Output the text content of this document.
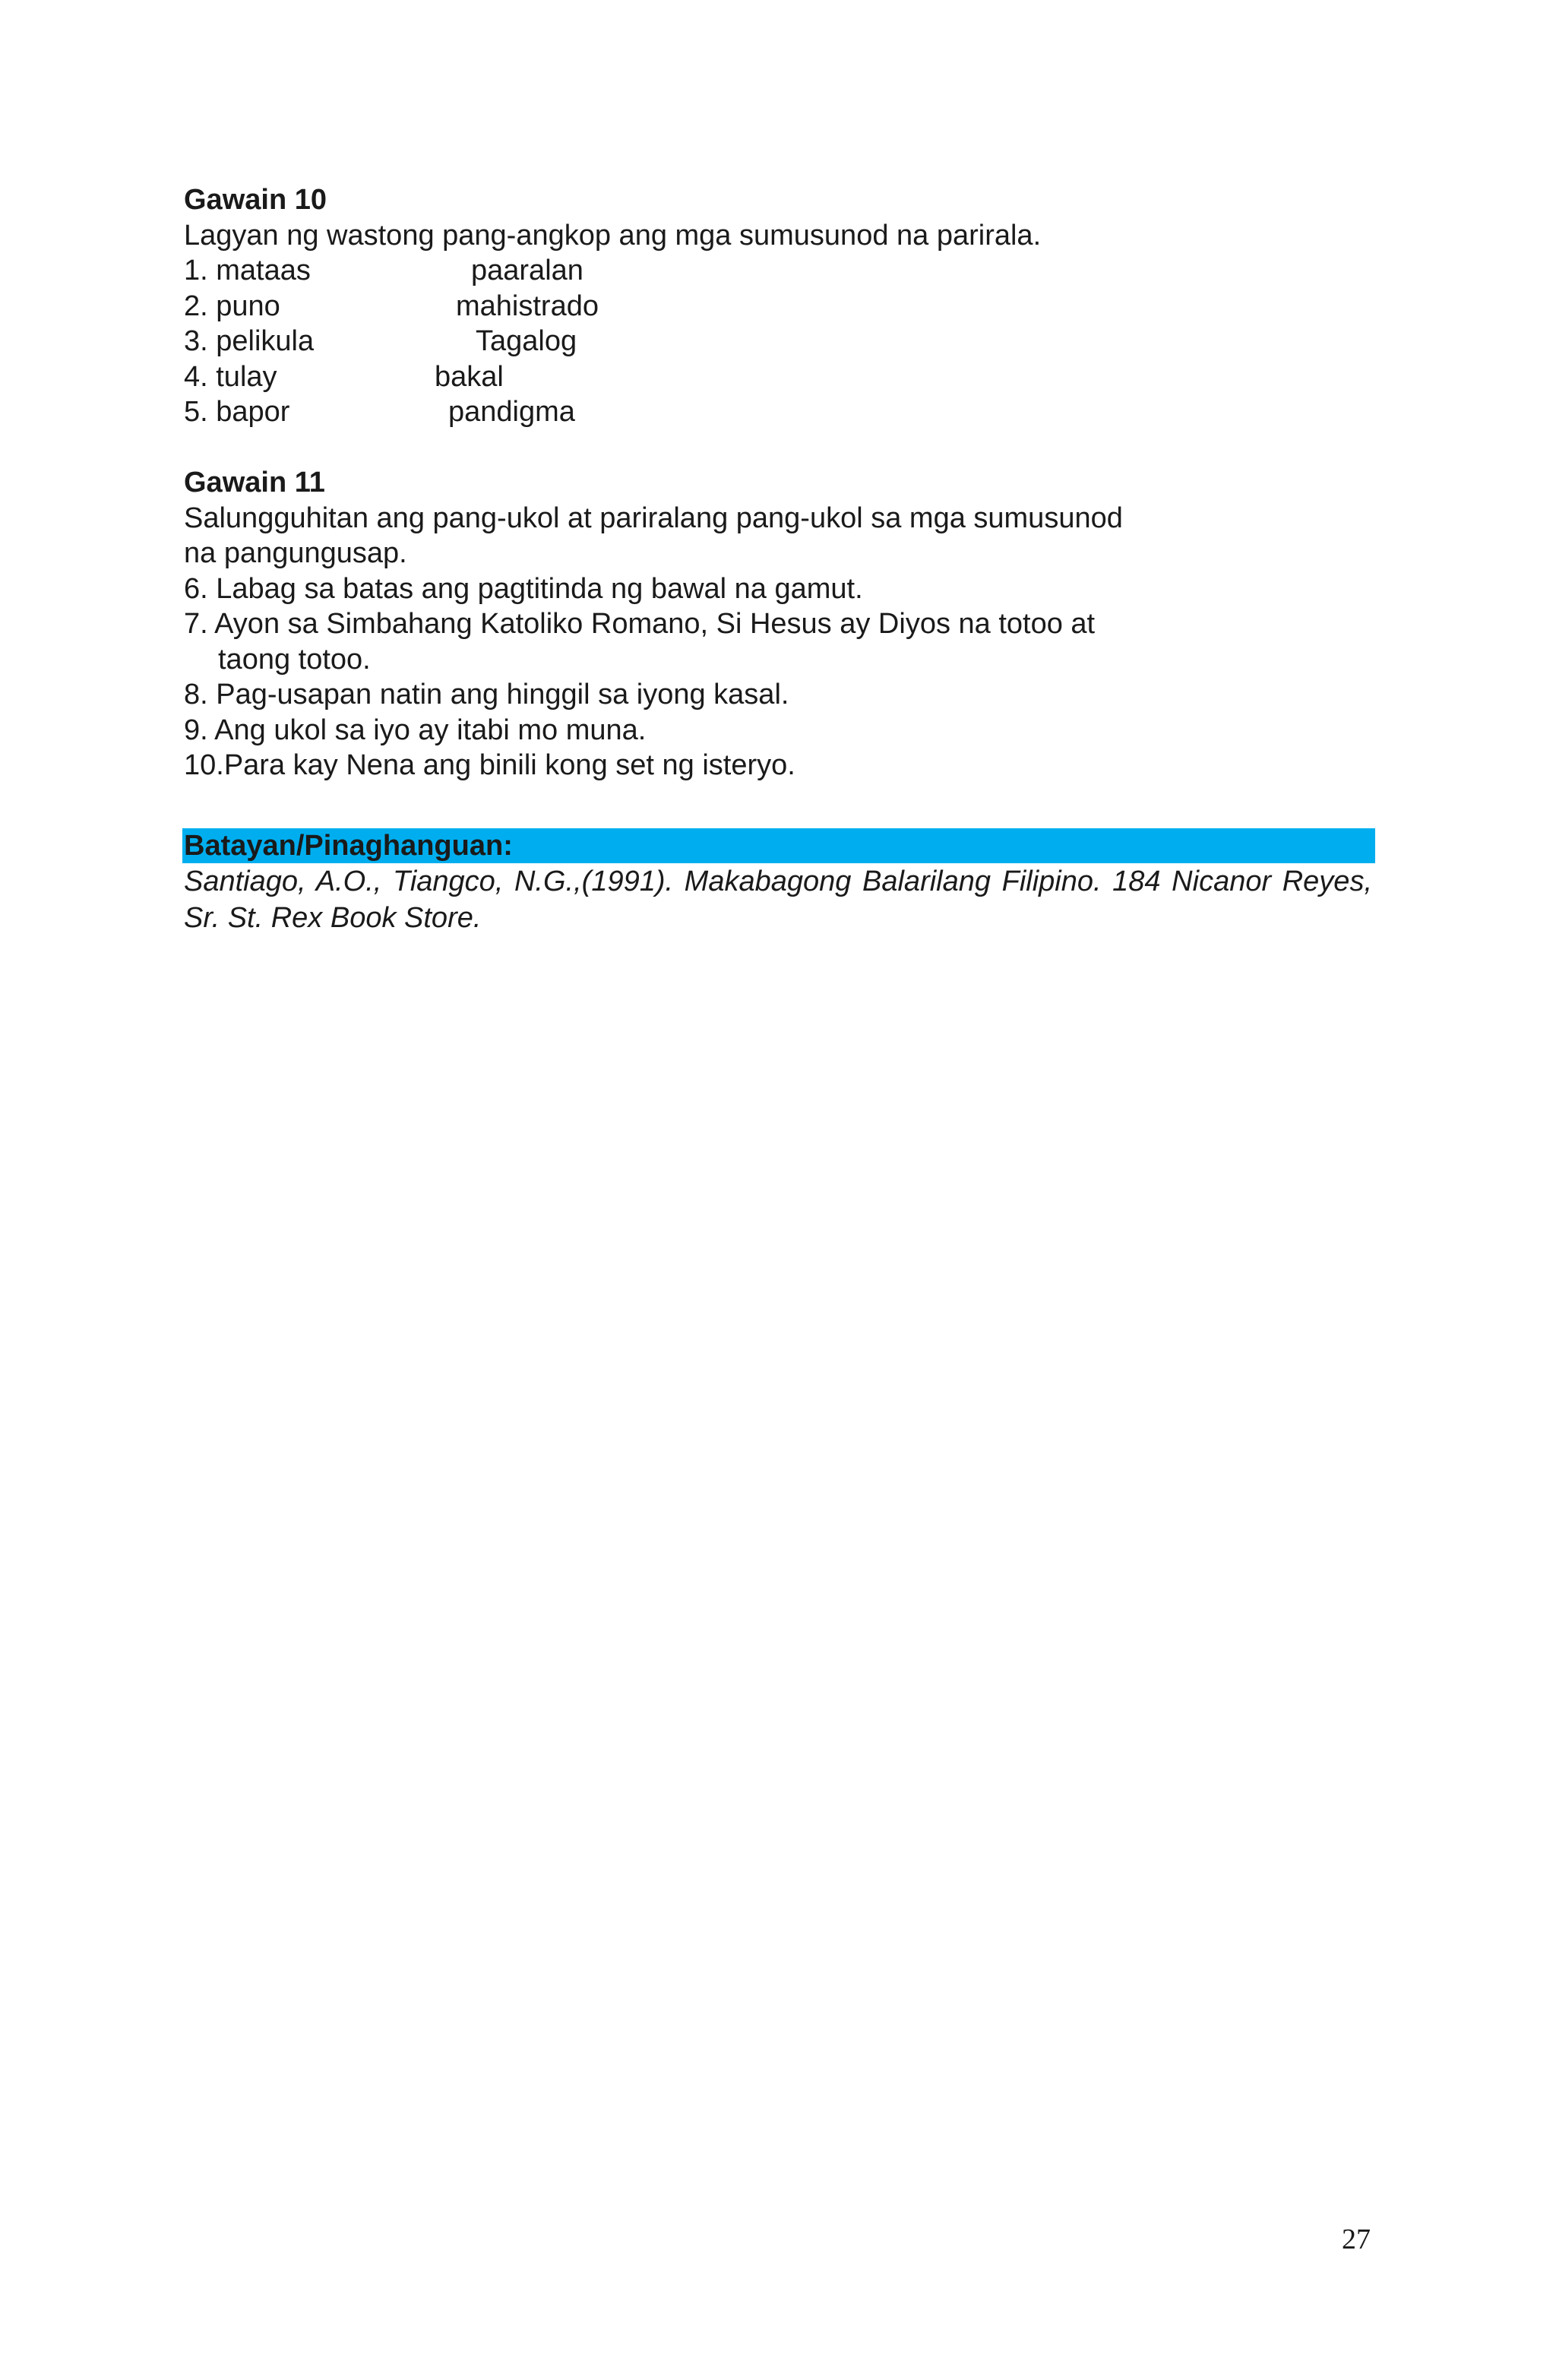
Gawain 10
Lagyan ng wastong pang-angkop ang mga sumusunod na parirala.
1. mataas	paaralan
2. puno	mahistrado
3. pelikula	Tagalog
4. tulay	bakal
5. bapor	pandigma
Gawain 11
Salungguhitan ang pang-ukol at pariralang pang-ukol sa mga sumusunod
na pangungusap.
6. Labag sa batas ang pagtitinda ng bawal na gamut.
7. Ayon sa Simbahang Katoliko Romano, Si Hesus ay Diyos na totoo at
taong totoo.
8. Pag-usapan natin ang hinggil sa iyong kasal.
9. Ang ukol sa iyo ay itabi mo muna.
10.Para kay Nena ang binili kong set ng isteryo.
Batayan/Pinaghanguan:
Santiago, A.O., Tiangco, N.G.,(1991). Makabagong Balarilang Filipino. 184 Nicanor Reyes, Sr. St. Rex Book Store.
27
